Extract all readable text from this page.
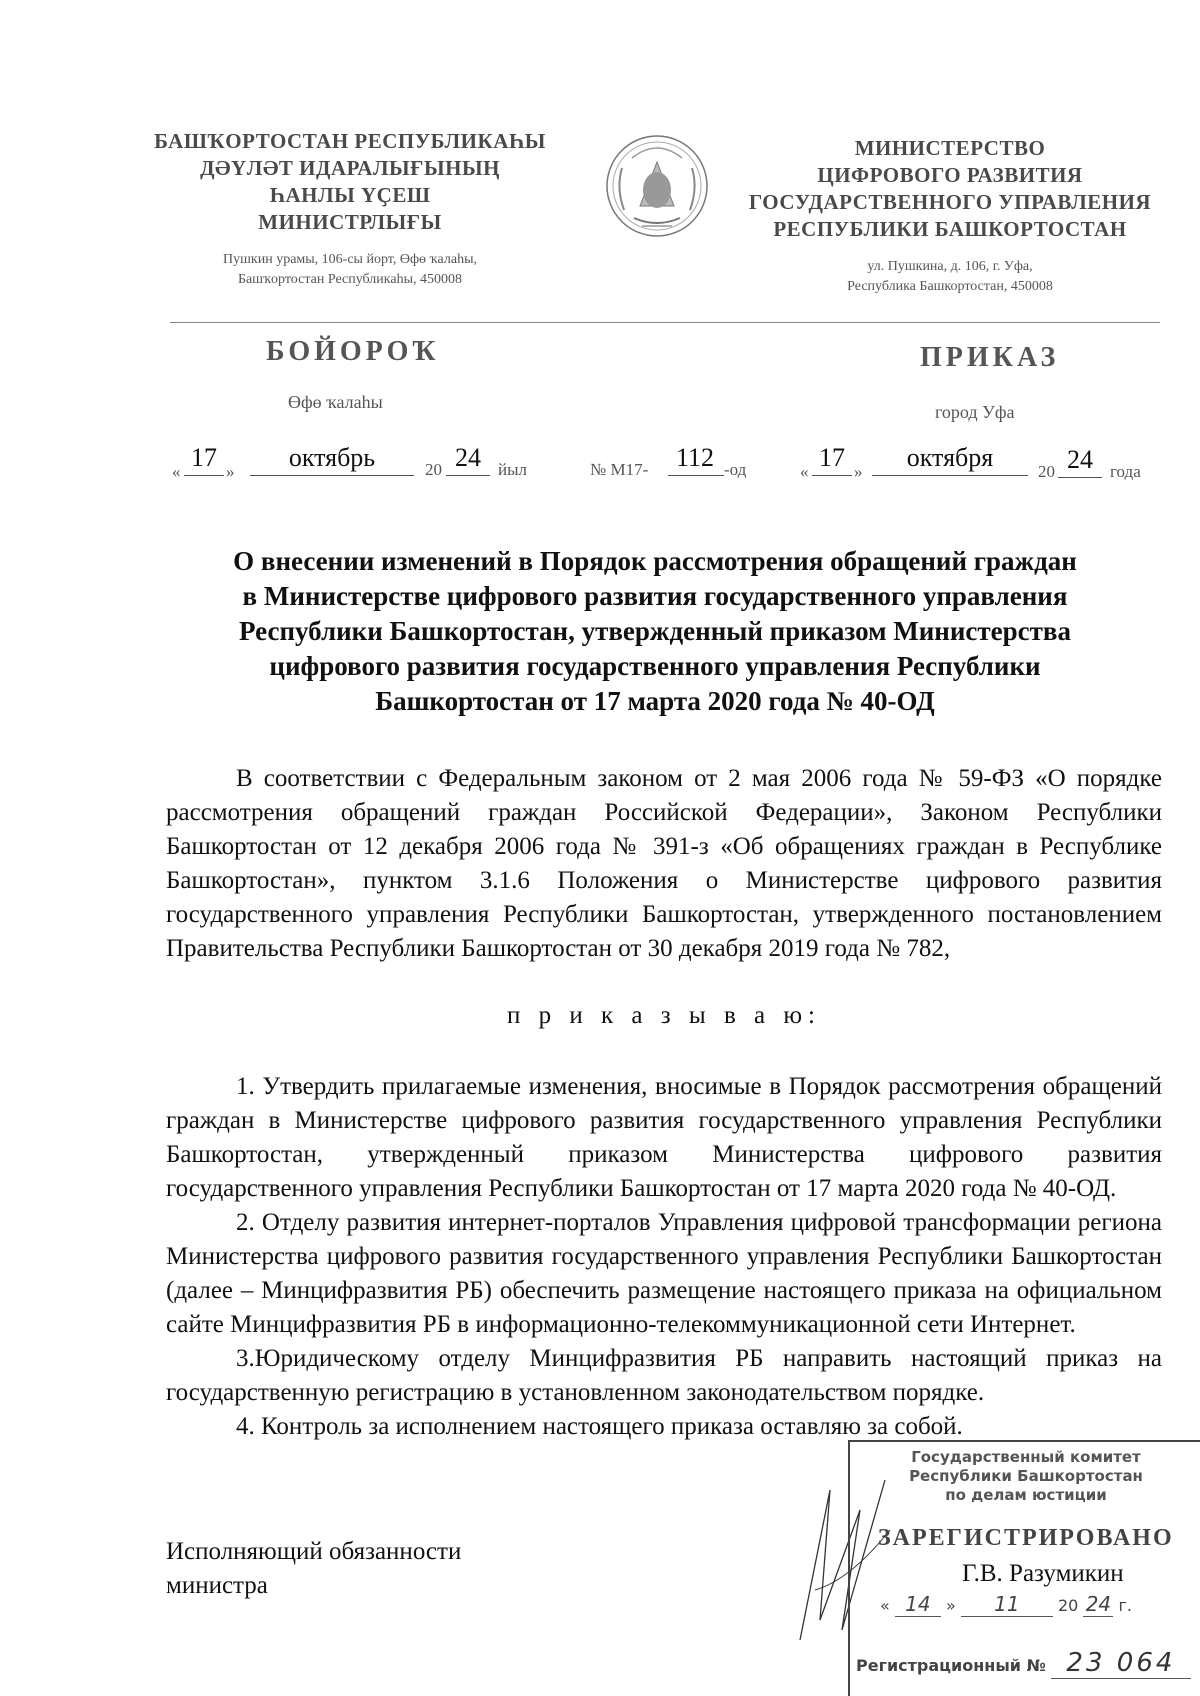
БАШҠОРТОСТАН РЕСПУБЛИКАҺЫ
ДӘҮЛӘТ ИДАРАЛЫҒЫНЫҢ
ҺАНЛЫ ҮҪЕШ
МИНИСТРЛЫҒЫ
Пушкин урамы, 106-сы йорт, Өфө ҡалаһы,
Башҡортостан Республикаһы, 450008
МИНИСТЕРСТВО
ЦИФРОВОГО РАЗВИТИЯ
ГОСУДАРСТВЕННОГО УПРАВЛЕНИЯ
РЕСПУБЛИКИ БАШКОРТОСТАН
ул. Пушкина, д. 106, г. Уфа,
Республика Башкортостан, 450008
БОЙОРОҠ	ПРИКАЗ
Өфө ҡалаһы	город Уфа
« 17 »	октябрь	20 24	йыл	№ М17-	112 -од	« 17 »	октября	20 24	года
О внесении изменений в Порядок рассмотрения обращений граждан
в Министерстве цифрового развития государственного управления
Республики Башкортостан, утвержденный приказом Министерства
цифрового развития государственного управления Республики
Башкортостан от 17 марта 2020 года № 40-ОД

В соответствии с Федеральным законом от 2 мая 2006 года № 59-ФЗ «О порядке рассмотрения обращений граждан Российской Федерации», Законом Республики Башкортостан от 12 декабря 2006 года № 391-з «Об обращениях граждан в Республике Башкортостан», пунктом 3.1.6 Положения о Министерстве цифрового развития государственного управления Республики Башкортостан, утвержденного постановлением Правительства Республики Башкортостан от 30 декабря 2019 года № 782,

п р и к а з ы в а ю:

1. Утвердить прилагаемые изменения, вносимые в Порядок рассмотрения обращений граждан в Министерстве цифрового развития государственного управления Республики Башкортостан, утвержденный приказом Министерства цифрового развития государственного управления Республики Башкортостан от 17 марта 2020 года № 40-ОД.

2. Отделу развития интернет-порталов Управления цифровой трансформации региона Министерства цифрового развития государственного управления Республики Башкортостан (далее – Минцифразвития РБ) обеспечить размещение настоящего приказа на официальном сайте Минцифразвития РБ в информационно-телекоммуникационной сети Интернет.

3.Юридическому отделу Минцифразвития РБ направить настоящий приказ на государственную регистрацию в установленном законодательством порядке.

4. Контроль за исполнением настоящего приказа оставляю за собой.

Исполняющий обязанности
министра
Государственный комитет
Республики Башкортостан
по делам юстиции
ЗАРЕГИСТРИРОВАНО
Г.В. Разумикин
« 14 » 11 20 24 г.
Регистрационный № 23 064
